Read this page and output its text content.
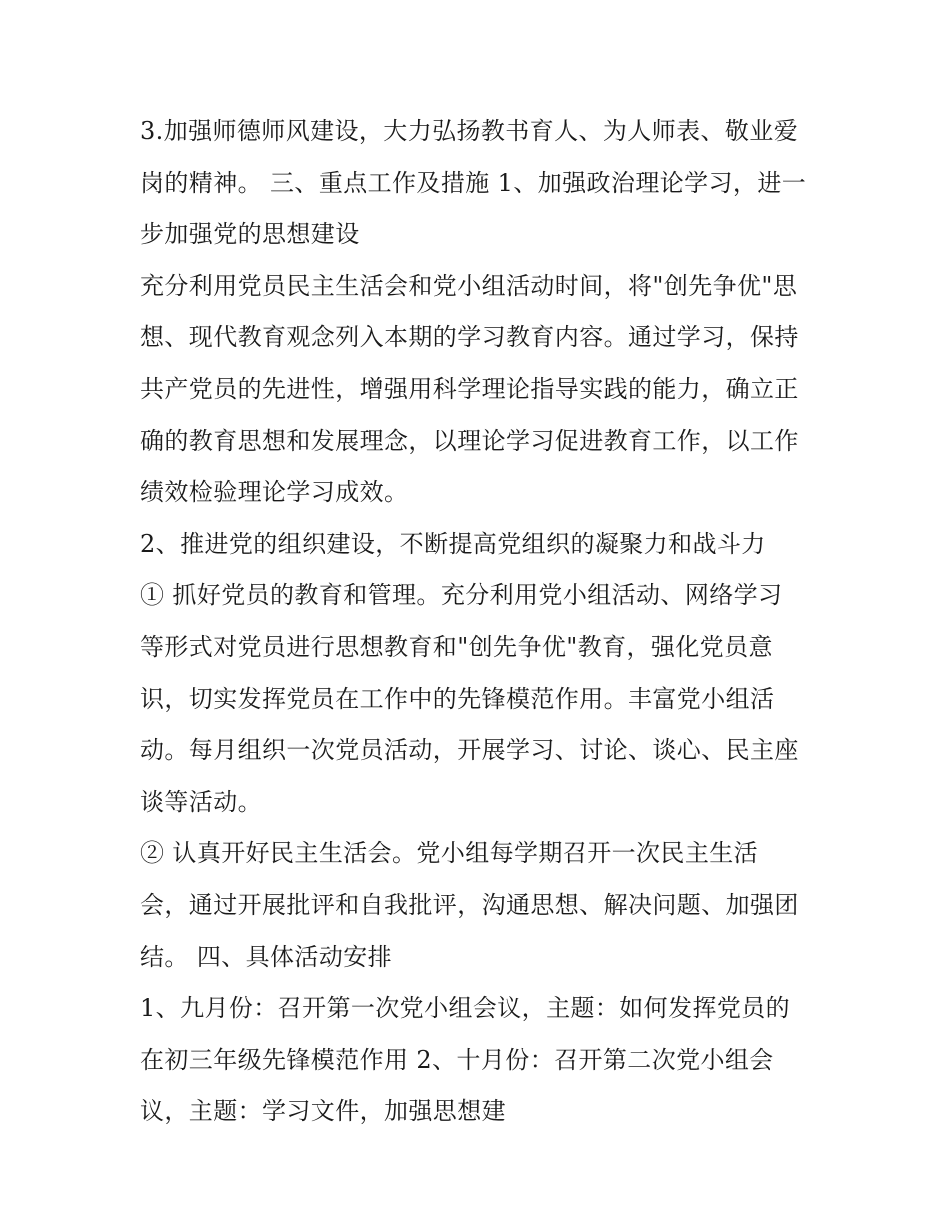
3.加强师德师风建设，大力弘扬教书育人、为人师表、敬业爱
岗的精神。 三、重点工作及措施 1、加强政治理论学习，进一
步加强党的思想建设
充分利用党员民主生活会和党小组活动时间，将"创先争优"思
想、现代教育观念列入本期的学习教育内容。通过学习，保持
共产党员的先进性，增强用科学理论指导实践的能力，确立正
确的教育思想和发展理念，以理论学习促进教育工作，以工作
绩效检验理论学习成效。
2、推进党的组织建设，不断提高党组织的凝聚力和战斗力
① 抓好党员的教育和管理。充分利用党小组活动、网络学习
等形式对党员进行思想教育和"创先争优"教育，强化党员意
识，切实发挥党员在工作中的先锋模范作用。丰富党小组活
动。每月组织一次党员活动，开展学习、讨论、谈心、民主座
谈等活动。
② 认真开好民主生活会。党小组每学期召开一次民主生活
会，通过开展批评和自我批评，沟通思想、解决问题、加强团
结。 四、具体活动安排
1、九月份：召开第一次党小组会议，主题：如何发挥党员的
在初三年级先锋模范作用 2、十月份：召开第二次党小组会
议，主题：学习文件，加强思想建
